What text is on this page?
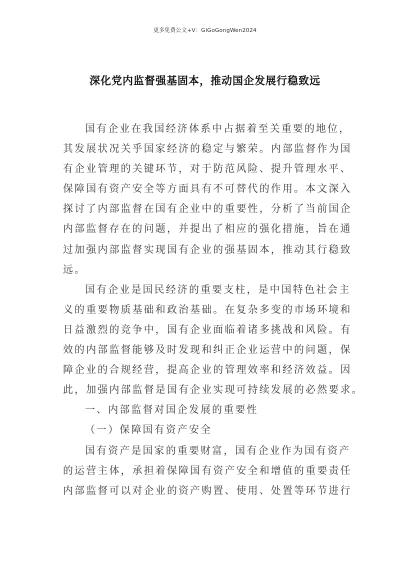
更多免费公文+V：GiGoGongWen2024
深化党内监督强基固本，推动国企发展行稳致远
国有企业在我国经济体系中占据着至关重要的地位，
其发展状况关乎国家经济的稳定与繁荣。内部监督作为国
有企业管理的关键环节，对于防范风险、提升管理水平、
保障国有资产安全等方面具有不可替代的作用。本文深入
探讨了内部监督在国有企业中的重要性，分析了当前国企
内部监督存在的问题，并提出了相应的强化措施，旨在通
过加强内部监督实现国有企业的强基固本，推动其行稳致
远。
国有企业是国民经济的重要支柱，是中国特色社会主
义的重要物质基础和政治基础。在复杂多变的市场环境和
日益激烈的竞争中，国有企业面临着诸多挑战和风险。有
效的内部监督能够及时发现和纠正企业运营中的问题，保
障企业的合规经营，提高企业的管理效率和经济效益。因
此，加强内部监督是国有企业实现可持续发展的必然要求。
一、内部监督对国企发展的重要性
（一）保障国有资产安全
国有资产是国家的重要财富，国有企业作为国有资产
的运营主体，承担着保障国有资产安全和增值的重要责任
内部监督可以对企业的资产购置、使用、处置等环节进行
